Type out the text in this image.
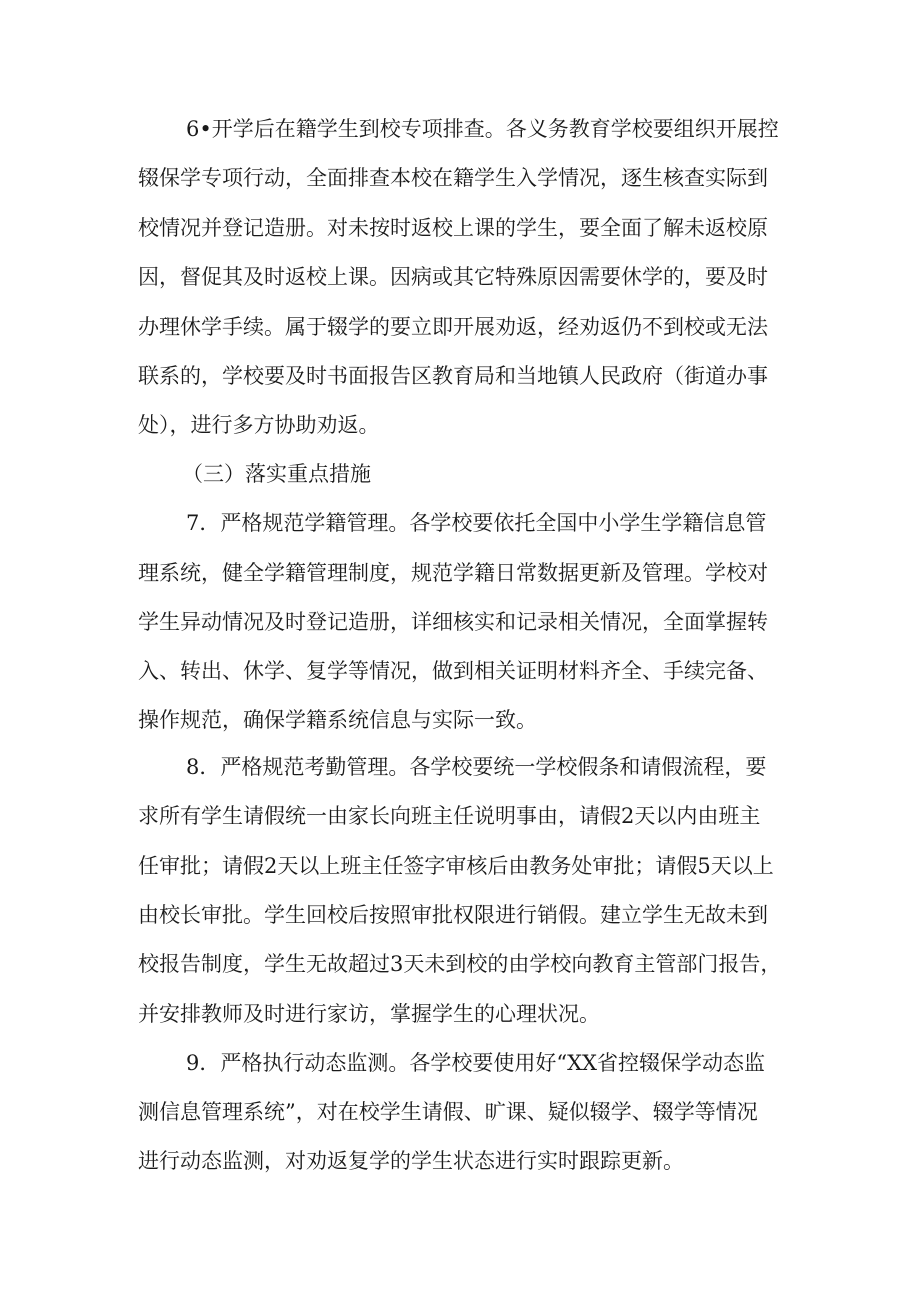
6•开学后在籍学生到校专项排查。各义务教育学校要组织开展控
辍保学专项行动，全面排查本校在籍学生入学情况，逐生核查实际到
校情况并登记造册。对未按时返校上课的学生，要全面了解未返校原
因，督促其及时返校上课。因病或其它特殊原因需要休学的，要及时
办理休学手续。属于辍学的要立即开展劝返，经劝返仍不到校或无法
联系的，学校要及时书面报告区教育局和当地镇人民政府（街道办事
处），进行多方协助劝返。
（三）落实重点措施
7．严格规范学籍管理。各学校要依托全国中小学生学籍信息管
理系统，健全学籍管理制度，规范学籍日常数据更新及管理。学校对
学生异动情况及时登记造册，详细核实和记录相关情况，全面掌握转
入、转出、休学、复学等情况，做到相关证明材料齐全、手续完备、
操作规范，确保学籍系统信息与实际一致。
8．严格规范考勤管理。各学校要统一学校假条和请假流程，要
求所有学生请假统一由家长向班主任说明事由，请假2天以内由班主
任审批；请假2天以上班主任签字审核后由教务处审批；请假5天以上
由校长审批。学生回校后按照审批权限进行销假。建立学生无故未到
校报告制度，学生无故超过3天未到校的由学校向教育主管部门报告，
并安排教师及时进行家访，掌握学生的心理状况。
9．严格执行动态监测。各学校要使用好“XX省控辍保学动态监
测信息管理系统”，对在校学生请假、旷课、疑似辍学、辍学等情况
进行动态监测，对劝返复学的学生状态进行实时跟踪更新。
